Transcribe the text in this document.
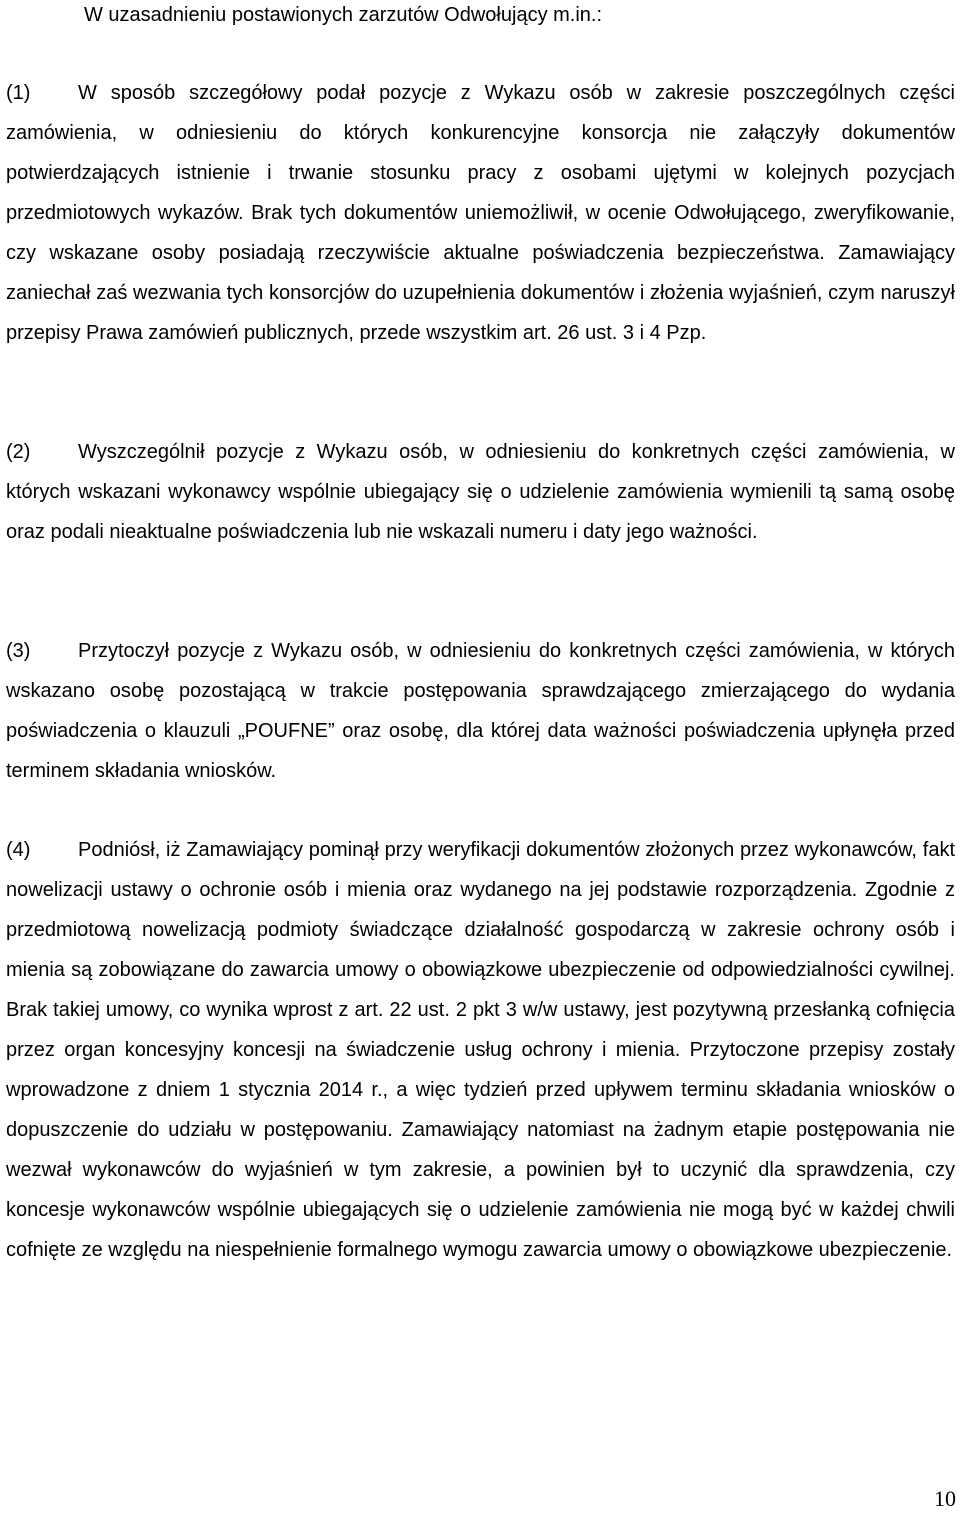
W uzasadnieniu postawionych zarzutów Odwołujący m.in.:

(1) W sposób szczegółowy podał pozycje z Wykazu osób w zakresie poszczególnych części zamówienia, w odniesieniu do których konkurencyjne konsorcja nie załączyły dokumentów potwierdzających istnienie i trwanie stosunku pracy z osobami ujętymi w kolejnych pozycjach przedmiotowych wykazów. Brak tych dokumentów uniemożliwił, w ocenie Odwołującego, zweryfikowanie, czy wskazane osoby posiadają rzeczywiście aktualne poświadczenia bezpieczeństwa. Zamawiający zaniechał zaś wezwania tych konsorcjów do uzupełnienia dokumentów i złożenia wyjaśnień, czym naruszył przepisy Prawa zamówień publicznych, przede wszystkim art. 26 ust. 3 i 4 Pzp.

(2) Wyszczególnił pozycje z Wykazu osób, w odniesieniu do konkretnych części zamówienia, w których wskazani wykonawcy wspólnie ubiegający się o udzielenie zamówienia wymienili tą samą osobę oraz podali nieaktualne poświadczenia lub nie wskazali numeru i daty jego ważności.

(3) Przytoczył pozycje z Wykazu osób, w odniesieniu do konkretnych części zamówienia, w których wskazano osobę pozostającą w trakcie postępowania sprawdzającego zmierzającego do wydania poświadczenia o klauzuli „POUFNE” oraz osobę, dla której data ważności poświadczenia upłynęła przed terminem składania wniosków.

(4) Podniósł, iż Zamawiający pominął przy weryfikacji dokumentów złożonych przez wykonawców, fakt nowelizacji ustawy o ochronie osób i mienia oraz wydanego na jej podstawie rozporządzenia. Zgodnie z przedmiotową nowelizacją podmioty świadczące działalność gospodarczą w zakresie ochrony osób i mienia są zobowiązane do zawarcia umowy o obowiązkowe ubezpieczenie od odpowiedzialności cywilnej. Brak takiej umowy, co wynika wprost z art. 22 ust. 2 pkt 3 w/w ustawy, jest pozytywną przesłanką cofnięcia przez organ koncesyjny koncesji na świadczenie usług ochrony i mienia. Przytoczone przepisy zostały wprowadzone z dniem 1 stycznia 2014 r., a więc tydzień przed upływem terminu składania wniosków o dopuszczenie do udziału w postępowaniu. Zamawiający natomiast na żadnym etapie postępowania nie wezwał wykonawców do wyjaśnień w tym zakresie, a powinien był to uczynić dla sprawdzenia, czy koncesje wykonawców wspólnie ubiegających się o udzielenie zamówienia nie mogą być w każdej chwili cofnięte ze względu na niespełnienie formalnego wymogu zawarcia umowy o obowiązkowe ubezpieczenie.

10
